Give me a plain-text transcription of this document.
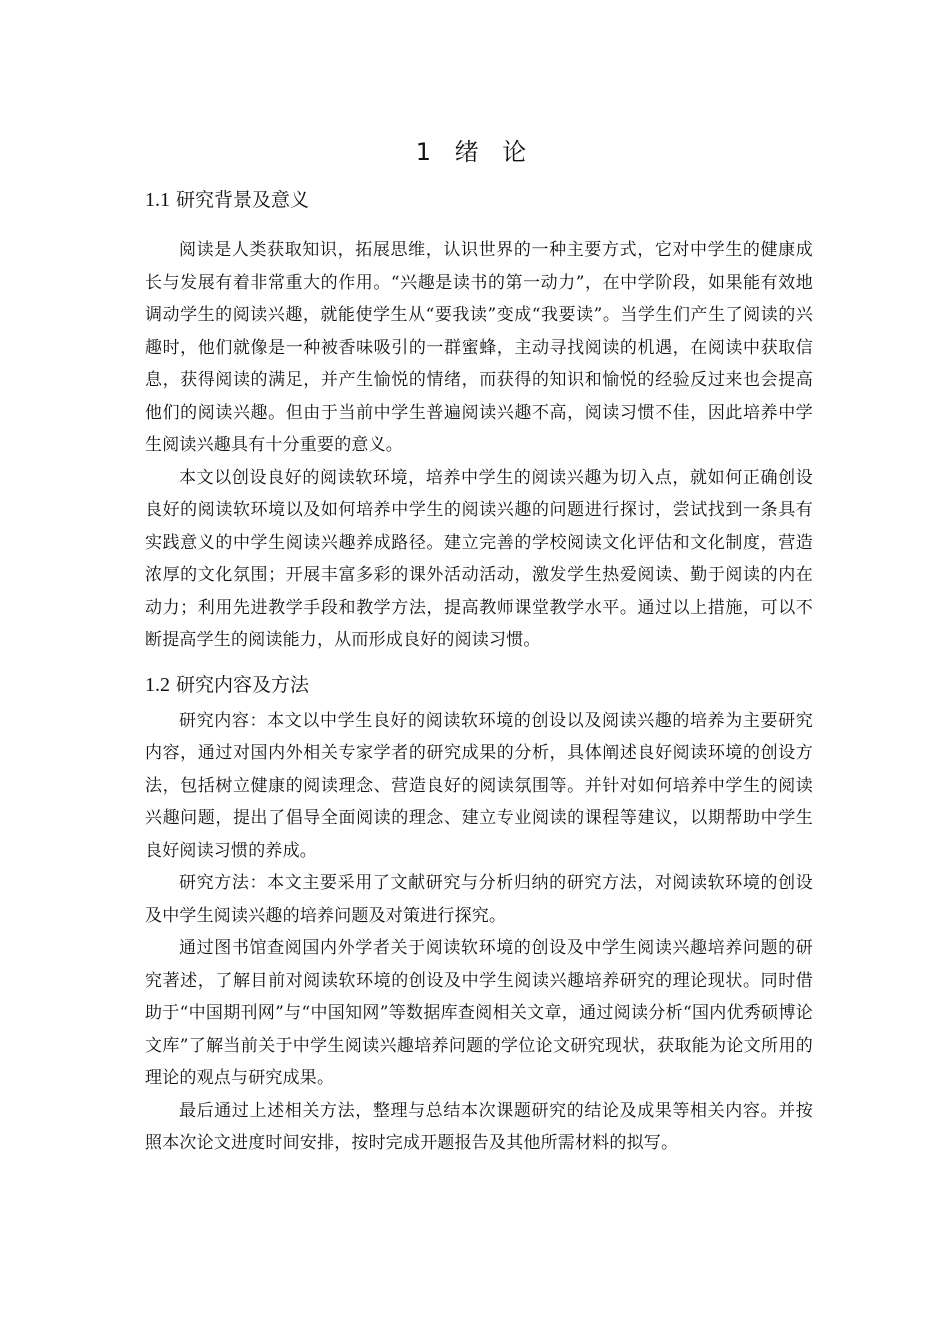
1 绪 论
1.1 研究背景及意义

阅读是人类获取知识，拓展思维，认识世界的一种主要方式，它对中学生的健康成长与发展有着非常重大的作用。“兴趣是读书的第一动力”，在中学阶段，如果能有效地调动学生的阅读兴趣，就能使学生从“要我读”变成“我要读”。当学生们产生了阅读的兴趣时，他们就像是一种被香味吸引的一群蜜蜂，主动寻找阅读的机遇，在阅读中获取信息，获得阅读的满足，并产生愉悦的情绪，而获得的知识和愉悦的经验反过来也会提高他们的阅读兴趣。但由于当前中学生普遍阅读兴趣不高，阅读习惯不佳，因此培养中学生阅读兴趣具有十分重要的意义。

本文以创设良好的阅读软环境，培养中学生的阅读兴趣为切入点，就如何正确创设良好的阅读软环境以及如何培养中学生的阅读兴趣的问题进行探讨，尝试找到一条具有实践意义的中学生阅读兴趣养成路径。建立完善的学校阅读文化评估和文化制度，营造浓厚的文化氛围；开展丰富多彩的课外活动活动，激发学生热爱阅读、勤于阅读的内在动力；利用先进教学手段和教学方法，提高教师课堂教学水平。通过以上措施，可以不断提高学生的阅读能力，从而形成良好的阅读习惯。

1.2 研究内容及方法

研究内容：本文以中学生良好的阅读软环境的创设以及阅读兴趣的培养为主要研究内容，通过对国内外相关专家学者的研究成果的分析，具体阐述良好阅读环境的创设方法，包括树立健康的阅读理念、营造良好的阅读氛围等。并针对如何培养中学生的阅读兴趣问题，提出了倡导全面阅读的理念、建立专业阅读的课程等建议，以期帮助中学生良好阅读习惯的养成。

研究方法：本文主要采用了文献研究与分析归纳的研究方法，对阅读软环境的创设及中学生阅读兴趣的培养问题及对策进行探究。

通过图书馆查阅国内外学者关于阅读软环境的创设及中学生阅读兴趣培养问题的研究著述，了解目前对阅读软环境的创设及中学生阅读兴趣培养研究的理论现状。同时借助于“中国期刊网”与“中国知网”等数据库查阅相关文章，通过阅读分析“国内优秀硕博论文库”了解当前关于中学生阅读兴趣培养问题的学位论文研究现状，获取能为论文所用的理论的观点与研究成果。

最后通过上述相关方法，整理与总结本次课题研究的结论及成果等相关内容。并按照本次论文进度时间安排，按时完成开题报告及其他所需材料的拟写。
